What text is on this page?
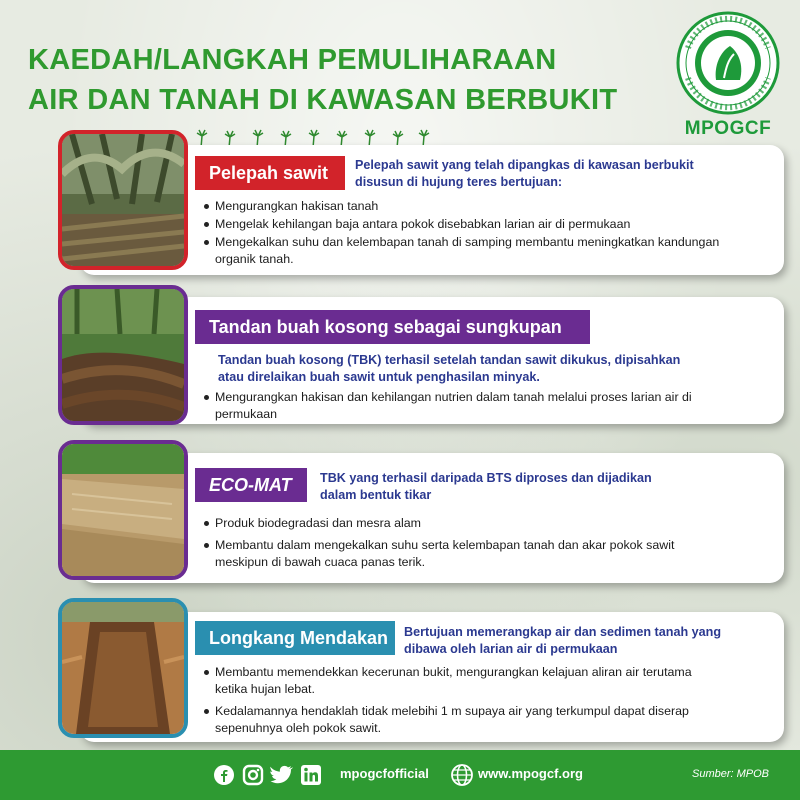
KAEDAH/LANGKAH PEMULIHARAAN
AIR DAN TANAH DI KAWASAN BERBUKIT
MPOGCF
Pelepah sawit	Pelepah sawit yang telah dipangkas di kawasan berbukit disusun di hujung teres bertujuan:
Mengurangkan hakisan tanah
Mengelak kehilangan baja antara pokok disebabkan larian air di permukaan
Mengekalkan suhu dan kelembapan tanah di samping membantu meningkatkan kandungan organik tanah.
Tandan buah kosong sebagai sungkupan
Tandan buah kosong (TBK) terhasil setelah tandan sawit dikukus, dipisahkan atau direlaikan buah sawit untuk penghasilan minyak.
Mengurangkan hakisan dan kehilangan nutrien dalam tanah melalui proses larian air di permukaan
ECO-MAT	TBK yang terhasil daripada BTS diproses dan dijadikan dalam bentuk tikar
Produk biodegradasi dan mesra alam
Membantu dalam mengekalkan suhu serta kelembapan tanah dan akar pokok sawit meskipun di bawah cuaca panas terik.
Longkang Mendakan	Bertujuan memerangkap air dan sedimen tanah yang dibawa oleh larian air di permukaan
Membantu memendekkan kecerunan bukit, mengurangkan kelajuan aliran air terutama ketika hujan lebat.
Kedalamannya hendaklah tidak melebihi 1 m supaya air yang terkumpul dapat diserap sepenuhnya oleh pokok sawit.
mpogcfofficial	www.mpogcf.org	Sumber: MPOB
